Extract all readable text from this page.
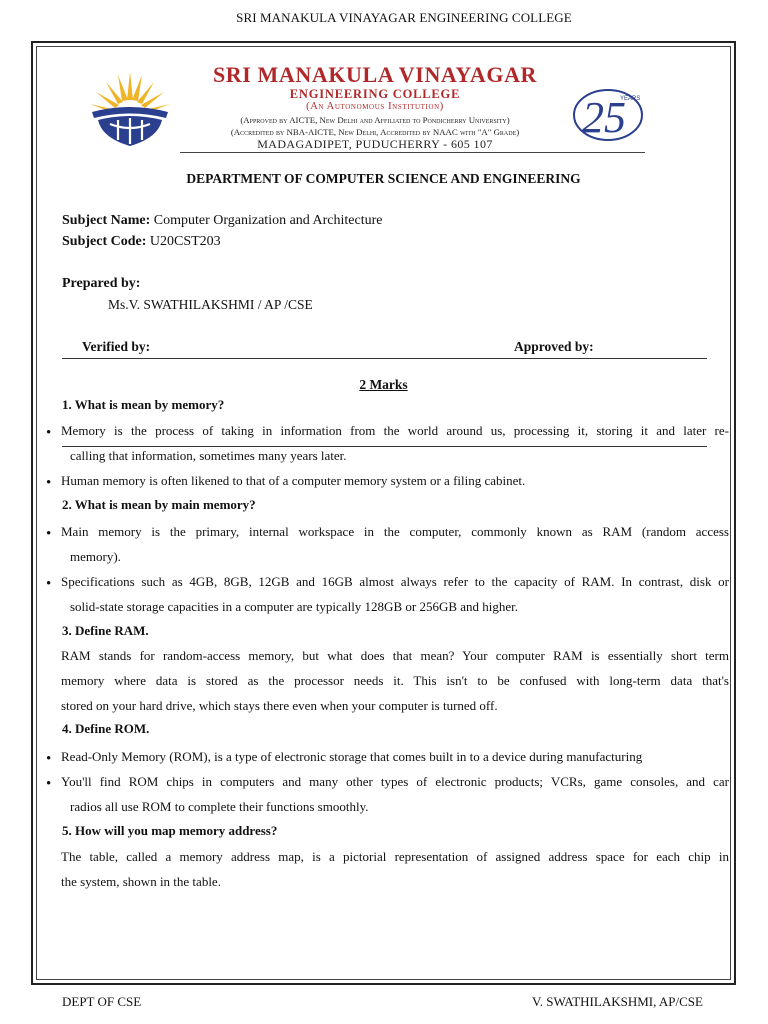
SRI MANAKULA VINAYAGAR ENGINEERING COLLEGE
SRI MANAKULA VINAYAGAR
ENGINEERING COLLEGE
(An Autonomous Institution)
(Approved by AICTE, New Delhi and Affiliated to Pondicherry University)
(Accredited by NBA-AICTE, New Delhi, Accredited by NAAC with "A" Grade)
MADAGADIPET, PUDUCHERRY - 605 107
25
YEARS
DEPARTMENT OF COMPUTER SCIENCE AND ENGINEERING
Subject Name: Computer Organization and Architecture
Subject Code: U20CST203
Prepared by:
Ms.V. SWATHILAKSHMI / AP /CSE
Verified by:	Approved by:
2 Marks
1. What is mean by memory?
• Memory is the process of taking in information from the world around us, processing it, storing it and later re-
calling that information, sometimes many years later.
• Human memory is often likened to that of a computer memory system or a filing cabinet.
2. What is mean by main memory?
• Main memory is the primary, internal workspace in the computer, commonly known as RAM (random access
memory).
• Specifications such as 4GB, 8GB, 12GB and 16GB almost always refer to the capacity of RAM. In contrast, disk or
solid-state storage capacities in a computer are typically 128GB or 256GB and higher.
3. Define RAM.
RAM stands for random-access memory, but what does that mean? Your computer RAM is essentially short term
memory where data is stored as the processor needs it. This isn't to be confused with long-term data that's
stored on your hard drive, which stays there even when your computer is turned off.
4. Define ROM.
• Read-Only Memory (ROM), is a type of electronic storage that comes built in to a device during manufacturing
• You'll find ROM chips in computers and many other types of electronic products; VCRs, game consoles, and car
radios all use ROM to complete their functions smoothly.
5. How will you map memory address?
The table, called a memory address map, is a pictorial representation of assigned address space for each chip in
the system, shown in the table.
DEPT OF CSE	V. SWATHILAKSHMI, AP/CSE
